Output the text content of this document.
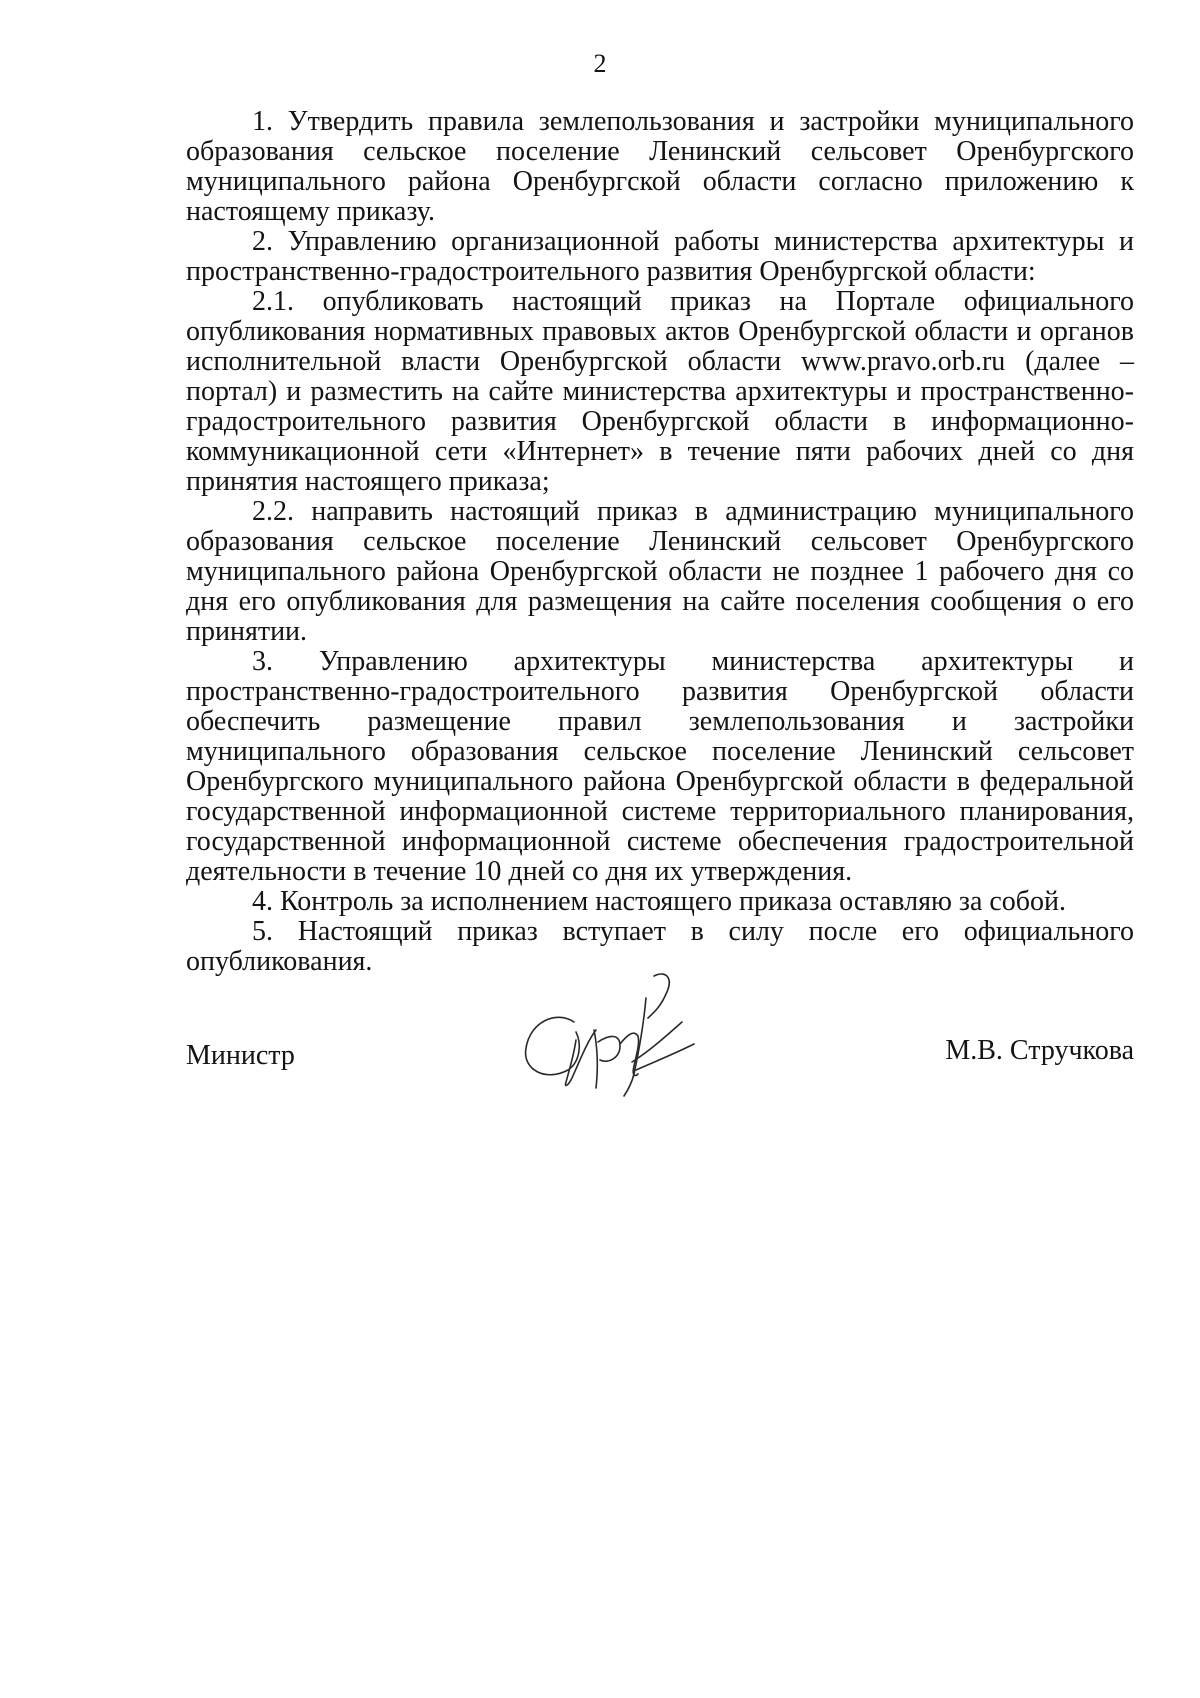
2

1. Утвердить правила землепользования и застройки муниципального образования сельское поселение Ленинский сельсовет Оренбургского муниципального района Оренбургской области согласно приложению к настоящему приказу.

2. Управлению организационной работы министерства архитектуры и пространственно-градостроительного развития Оренбургской области:

2.1. опубликовать настоящий приказ на Портале официального опубликования нормативных правовых актов Оренбургской области и органов исполнительной власти Оренбургской области www.pravo.orb.ru (далее – портал) и разместить на сайте министерства архитектуры и пространственно-градостроительного развития Оренбургской области в информационно-коммуникационной сети «Интернет» в течение пяти рабочих дней со дня принятия настоящего приказа;

2.2. направить настоящий приказ в администрацию муниципального образования сельское поселение Ленинский сельсовет Оренбургского муниципального района Оренбургской области не позднее 1 рабочего дня со дня его опубликования для размещения на сайте поселения сообщения о его принятии.

3. Управлению архитектуры министерства архитектуры и пространственно-градостроительного развития Оренбургской области обеспечить размещение правил землепользования и застройки муниципального образования сельское поселение Ленинский сельсовет Оренбургского муниципального района Оренбургской области в федеральной государственной информационной системе территориального планирования, государственной информационной системе обеспечения градостроительной деятельности в течение 10 дней со дня их утверждения.

4. Контроль за исполнением настоящего приказа оставляю за собой.

5. Настоящий приказ вступает в силу после его официального опубликования.

Министр	М.В. Стручкова
